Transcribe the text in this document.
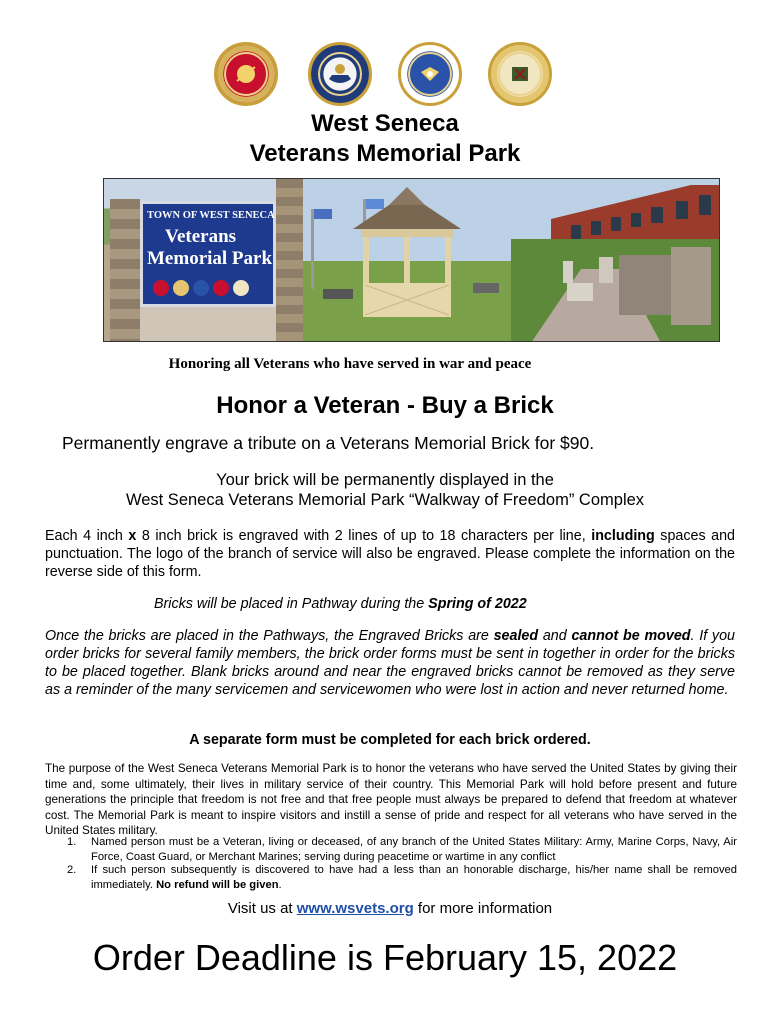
West Seneca
Veterans Memorial Park
TOWN OF WEST SENECA
Veterans
Memorial Park
Honoring all Veterans who have served in war and peace
Honor a Veteran - Buy a Brick
Permanently engrave a tribute on a Veterans Memorial Brick for $90.
Your brick will be permanently displayed in the
West Seneca Veterans Memorial Park “Walkway of Freedom” Complex
Each 4 inch x 8 inch brick is engraved with 2 lines of up to 18 characters per line, including spaces and punctuation. The logo of the branch of service will also be engraved. Please complete the information on the reverse side of this form.
Bricks will be placed in Pathway during the Spring of 2022
Once the bricks are placed in the Pathways, the Engraved Bricks are sealed and cannot be moved. If you order bricks for several family members, the brick order forms must be sent in together in order for the bricks to be placed together. Blank bricks around and near the engraved bricks cannot be removed as they serve as a reminder of the many servicemen and servicewomen who were lost in action and never returned home.
A separate form must be completed for each brick ordered.
The purpose of the West Seneca Veterans Memorial Park is to honor the veterans who have served the United States by giving their time and, some ultimately, their lives in military service of their country. This Memorial Park will hold before present and future generations the principle that freedom is not free and that free people must always be prepared to defend that freedom at whatever cost. The Memorial Park is meant to inspire visitors and instill a sense of pride and respect for all veterans who have served in the United States military.
1. Named person must be a Veteran, living or deceased, of any branch of the United States Military: Army, Marine Corps, Navy, Air Force, Coast Guard, or Merchant Marines; serving during peacetime or wartime in any conflict
2. If such person subsequently is discovered to have had a less than an honorable discharge, his/her name shall be removed immediately. No refund will be given.
Visit us at www.wsvets.org for more information
Order Deadline is February 15, 2022
